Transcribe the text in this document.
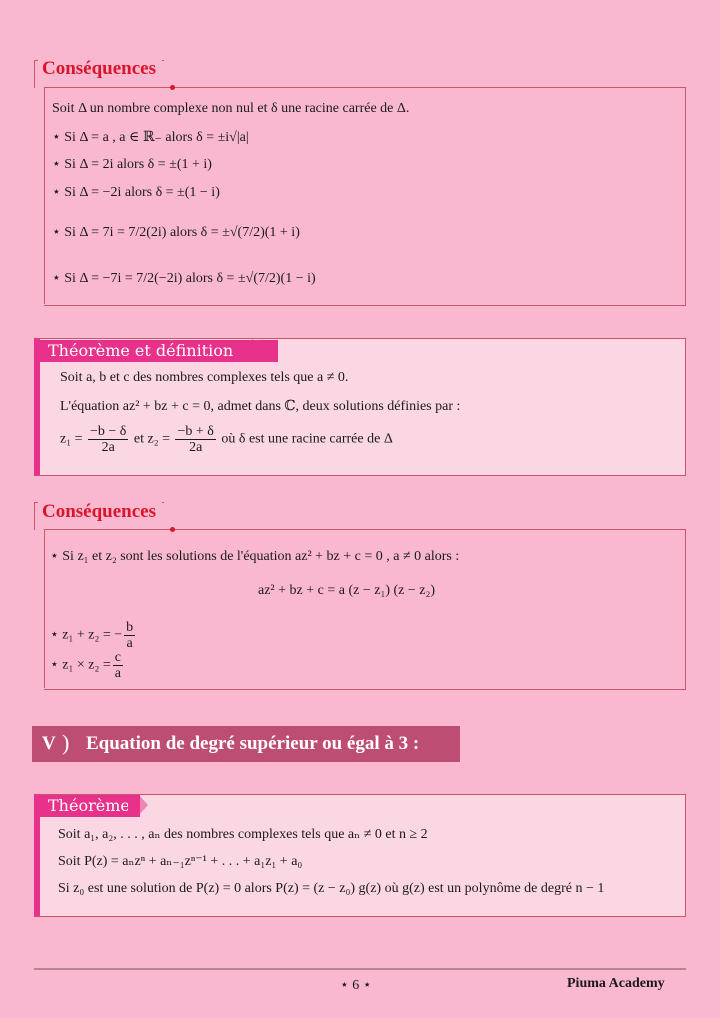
Conséquences
Soit Δ un nombre complexe non nul et δ une racine carrée de Δ.
⋆ Si Δ = a , a ∈ ℝ₋ alors δ = ±i√|a|
⋆ Si Δ = 2i alors δ = ±(1 + i)
⋆ Si Δ = −2i alors δ = ±(1 − i)
⋆ Si Δ = 7i = 7/2(2i) alors δ = ±√(7/2)(1 + i)
⋆ Si Δ = −7i = 7/2(−2i) alors δ = ±√(7/2)(1 − i)
Théorème et définition
Soit a, b et c des nombres complexes tels que a ≠ 0.
L'équation az² + bz + c = 0, admet dans ℂ, deux solutions définies par :
$z_1 = \frac{-b - \delta}{2a}$ et $z_2 = \frac{-b + \delta}{2a}$ où δ est une racine carrée de Δ
Conséquences
⋆ Si z₁ et z₂ sont les solutions de l'équation az² + bz + c = 0 , a ≠ 0 alors :
az² + bz + c = a (z − z₁) (z − z₂)
⋆ z₁ + z₂ = − $\frac{b}{a}$
⋆ $z_1 \times z_2 = \frac{c}{a}$
V ) Equation de degré supérieur ou égal à 3 :
Théorème
Soit a₁, a₂, . . . , aₙ des nombres complexes tels que aₙ ≠ 0 et n ≥ 2
Soit P(z) = aₙzⁿ + aₙ₋₁zⁿ⁻¹ + . . . + a₁z₁ + a₀
Si z₀ est une solution de P(z) = 0 alors P(z) = (z − z₀) g(z) où g(z) est un polynôme de degré n − 1
⋆ 6 ⋆	Piuma Academy
